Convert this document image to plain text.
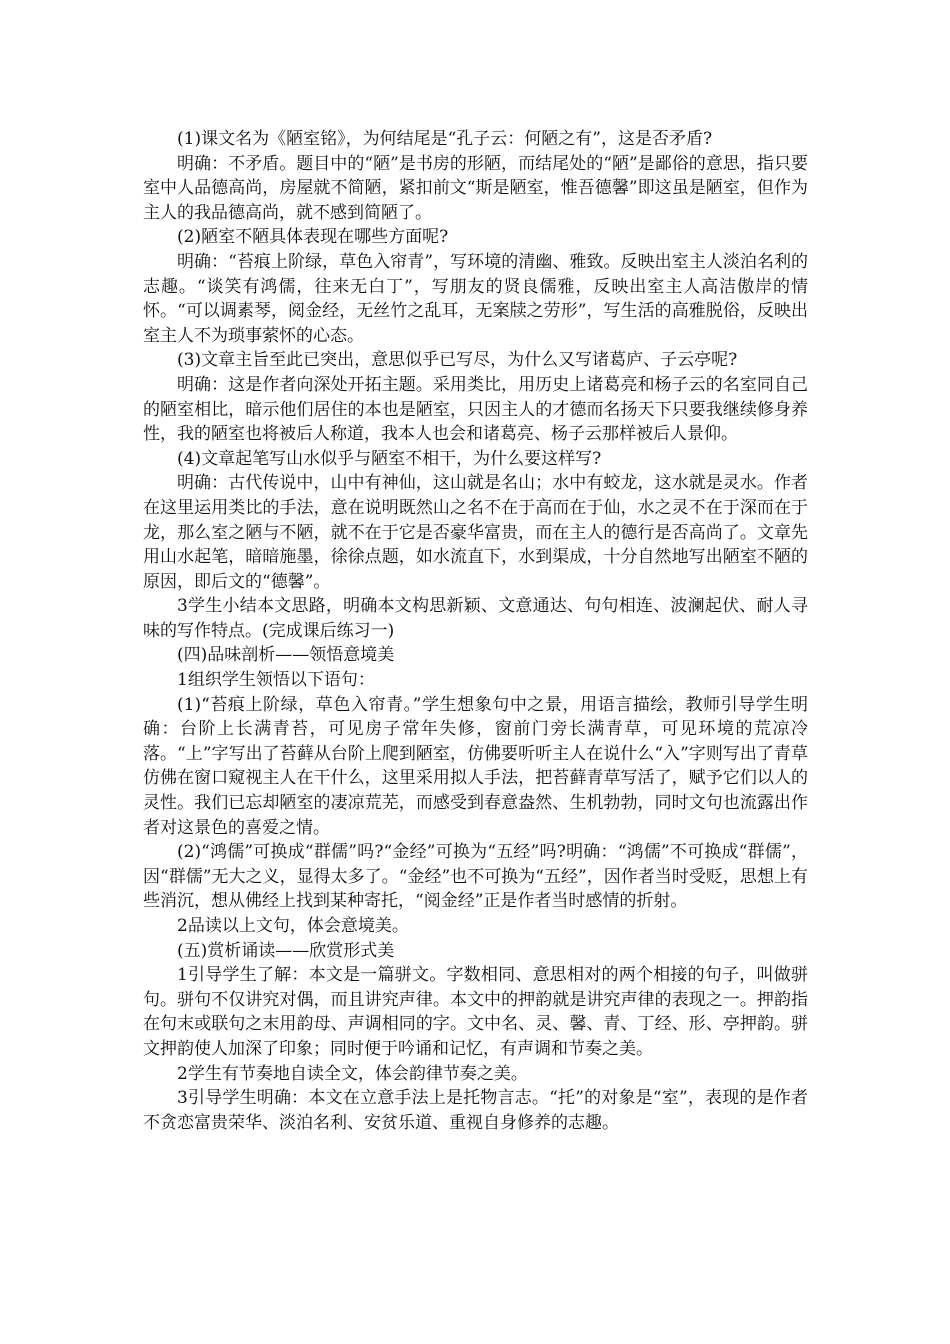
(1)课文名为《陋室铭》，为何结尾是“孔子云：何陋之有”，这是否矛盾?

明确：不矛盾。题目中的“陋”是书房的形陋，而结尾处的“陋”是鄙俗的意思，指只要室中人品德高尚，房屋就不简陋，紧扣前文“斯是陋室，惟吾德馨”即这虽是陋室，但作为主人的我品德高尚，就不感到简陋了。

(2)陋室不陋具体表现在哪些方面呢?

明确：“苔痕上阶绿，草色入帘青”，写环境的清幽、雅致。反映出室主人淡泊名利的志趣。“谈笑有鸿儒，往来无白丁”，写朋友的贤良儒雅，反映出室主人高洁傲岸的情怀。“可以调素琴，阅金经，无丝竹之乱耳，无案牍之劳形”，写生活的高雅脱俗，反映出室主人不为琐事萦怀的心态。

(3)文章主旨至此已突出，意思似乎已写尽，为什么又写诸葛庐、子云亭呢?

明确：这是作者向深处开拓主题。采用类比，用历史上诸葛亮和杨子云的名室同自己的陋室相比，暗示他们居住的本也是陋室，只因主人的才德而名扬天下只要我继续修身养性，我的陋室也将被后人称道，我本人也会和诸葛亮、杨子云那样被后人景仰。

(4)文章起笔写山水似乎与陋室不相干，为什么要这样写?

明确：古代传说中，山中有神仙，这山就是名山；水中有蛟龙，这水就是灵水。作者在这里运用类比的手法，意在说明既然山之名不在于高而在于仙，水之灵不在于深而在于龙，那么室之陋与不陋，就不在于它是否豪华富贵，而在主人的德行是否高尚了。文章先用山水起笔，暗暗施墨，徐徐点题，如水流直下，水到渠成，十分自然地写出陋室不陋的原因，即后文的“德馨”。

3学生小结本文思路，明确本文构思新颖、文意通达、句句相连、波澜起伏、耐人寻味的写作特点。(完成课后练习一)

(四)品味剖析——领悟意境美

1组织学生领悟以下语句：

(1)“苔痕上阶绿，草色入帘青。”学生想象句中之景，用语言描绘，教师引导学生明确：台阶上长满青苔，可见房子常年失修，窗前门旁长满青草，可见环境的荒凉冷落。“上”字写出了苔藓从台阶上爬到陋室，仿佛要听听主人在说什么“入”字则写出了青草仿佛在窗口窥视主人在干什么，这里采用拟人手法，把苔藓青草写活了，赋予它们以人的灵性。我们已忘却陋室的凄凉荒芜，而感受到春意盎然、生机勃勃，同时文句也流露出作者对这景色的喜爱之情。

(2)“鸿儒”可换成“群儒”吗?“金经”可换为“五经”吗?明确：“鸿儒”不可换成“群儒”，因“群儒”无大之义，显得太多了。“金经”也不可换为“五经”，因作者当时受贬，思想上有些消沉，想从佛经上找到某种寄托，“阅金经”正是作者当时感情的折射。

2品读以上文句，体会意境美。

(五)赏析诵读——欣赏形式美

1引导学生了解：本文是一篇骈文。字数相同、意思相对的两个相接的句子，叫做骈句。骈句不仅讲究对偶，而且讲究声律。本文中的押韵就是讲究声律的表现之一。押韵指在句末或联句之末用韵母、声调相同的字。文中名、灵、馨、青、丁经、形、亭押韵。骈文押韵使人加深了印象；同时便于吟诵和记忆，有声调和节奏之美。

2学生有节奏地自读全文，体会韵律节奏之美。

3引导学生明确：本文在立意手法上是托物言志。“托”的对象是“室”，表现的是作者不贪恋富贵荣华、淡泊名利、安贫乐道、重视自身修养的志趣。
